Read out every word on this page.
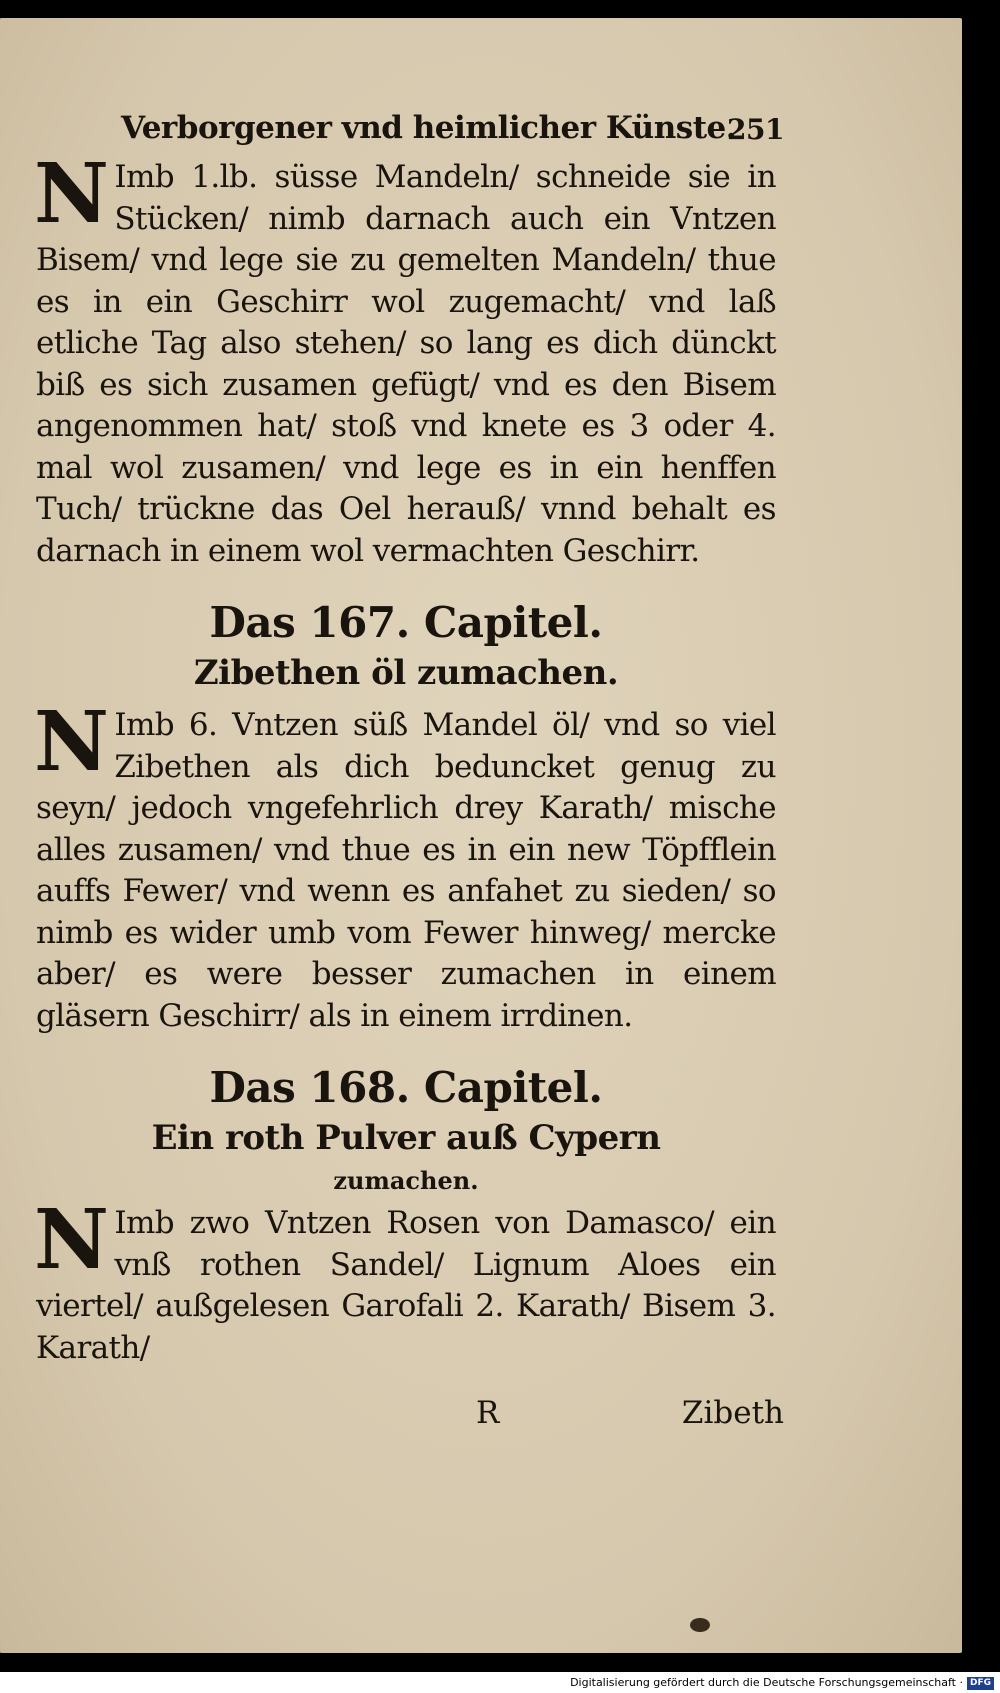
Verborgener vnd heimlicher Künste.
251

N Imb 1.lb. süsse Mandeln/ schneide sie in Stücken/ nimb darnach auch ein Vntzen Bisem/ vnd lege sie zu gemelten Mandeln/ thue es in ein Geschirr wol zugemacht/ vnd laß etliche Tag also stehen/ so lang es dich dünckt biß es sich zusamen gefügt/ vnd es den Bisem angenommen hat/ stoß vnd knete es 3 oder 4. mal wol zusamen/ vnd lege es in ein henffen Tuch/ trückne das Oel herauß/ vnnd behalt es darnach in einem wol vermachten Geschirr.

Das 167. Capitel.
Zibethen öl zumachen.

N Imb 6. Vntzen süß Mandel öl/ vnd so viel Zibethen als dich beduncket genug zu seyn/ jedoch vngefehrlich drey Karath/ mische alles zusamen/ vnd thue es in ein new Töpfflein auffs Fewer/ vnd wenn es anfahet zu sieden/ so nimb es wider umb vom Fewer hinweg/ mercke aber/ es were besser zumachen in einem gläsern Geschirr/ als in einem irrdinen.

Das 168. Capitel.
Ein roth Pulver auß Cypern
zumachen.

N Imb zwo Vntzen Rosen von Damasco/ ein vnß rothen Sandel/ Lignum Aloes ein viertel/ außgelesen Garofali 2. Karath/ Bisem 3. Karath/

R	Zibeth
Digitalisierung gefördert durch die Deutsche Forschungsgemeinschaft · DFG
